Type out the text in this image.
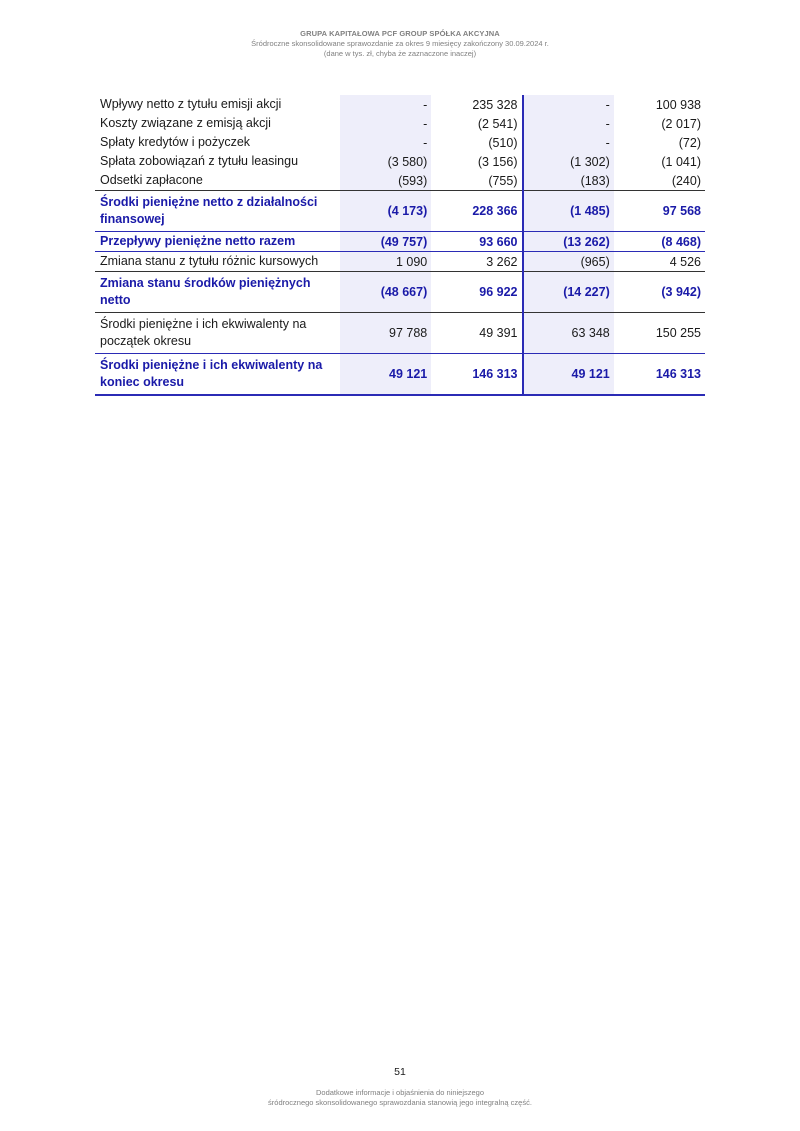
GRUPA KAPITAŁOWA PCF GROUP SPÓŁKA AKCYJNA
Śródroczne skonsolidowane sprawozdanie za okres 9 miesięcy zakończony 30.09.2024 r.
(dane w tys. zł, chyba że zaznaczone inaczej)
Wpływy netto z tytułu emisji akcji	-	235 328	-	100 938
Koszty związane z emisją akcji	-	(2 541)	-	(2 017)
Spłaty kredytów i pożyczek	-	(510)	-	(72)
Spłata zobowiązań z tytułu leasingu	(3 580)	(3 156)	(1 302)	(1 041)
Odsetki zapłacone	(593)	(755)	(183)	(240)
Środki pieniężne netto z działalności finansowej	(4 173)	228 366	(1 485)	97 568
Przepływy pieniężne netto razem	(49 757)	93 660	(13 262)	(8 468)
Zmiana stanu z tytułu różnic kursowych	1 090	3 262	(965)	4 526
Zmiana stanu środków pieniężnych netto	(48 667)	96 922	(14 227)	(3 942)
Środki pieniężne i ich ekwiwalenty na początek okresu	97 788	49 391	63 348	150 255
Środki pieniężne i ich ekwiwalenty na koniec okresu	49 121	146 313	49 121	146 313
51
Dodatkowe informacje i objaśnienia do niniejszego
śródrocznego skonsolidowanego sprawozdania stanowią jego integralną część.
